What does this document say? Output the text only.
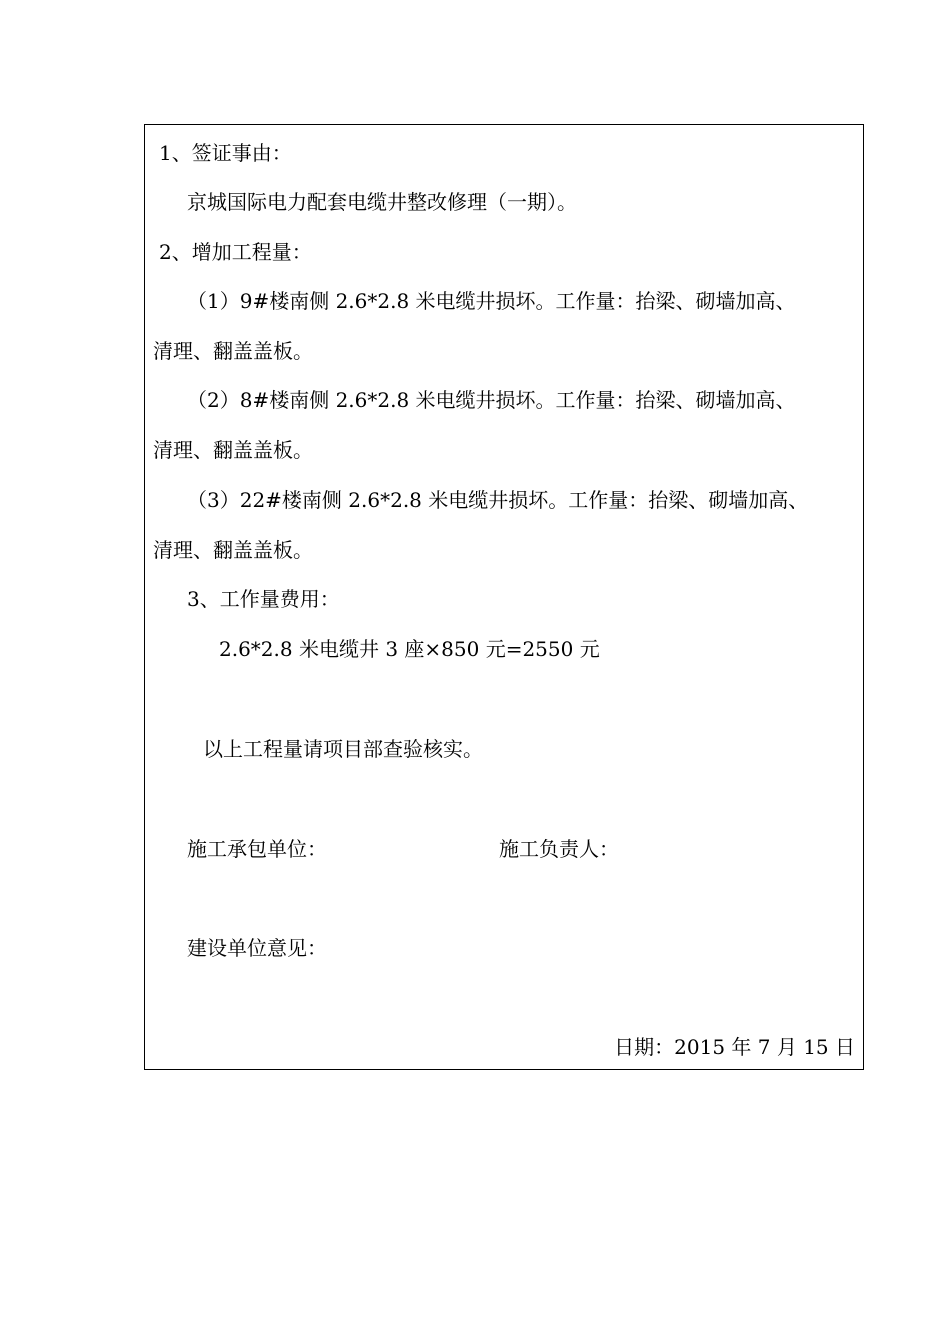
1、签证事由：
京城国际电力配套电缆井整改修理（一期）。
2、增加工程量：
（1）9#楼南侧 2.6*2.8 米电缆井损坏。工作量：抬梁、砌墙加高、
清理、翻盖盖板。
（2）8#楼南侧 2.6*2.8 米电缆井损坏。工作量：抬梁、砌墙加高、
清理、翻盖盖板。
（3）22#楼南侧 2.6*2.8 米电缆井损坏。工作量：抬梁、砌墙加高、
清理、翻盖盖板。
3、工作量费用：
2.6*2.8 米电缆井 3 座×850 元=2550 元
以上工程量请项目部查验核实。
施工承包单位：	施工负责人：
建设单位意见：
日期：2015 年 7 月 15 日
